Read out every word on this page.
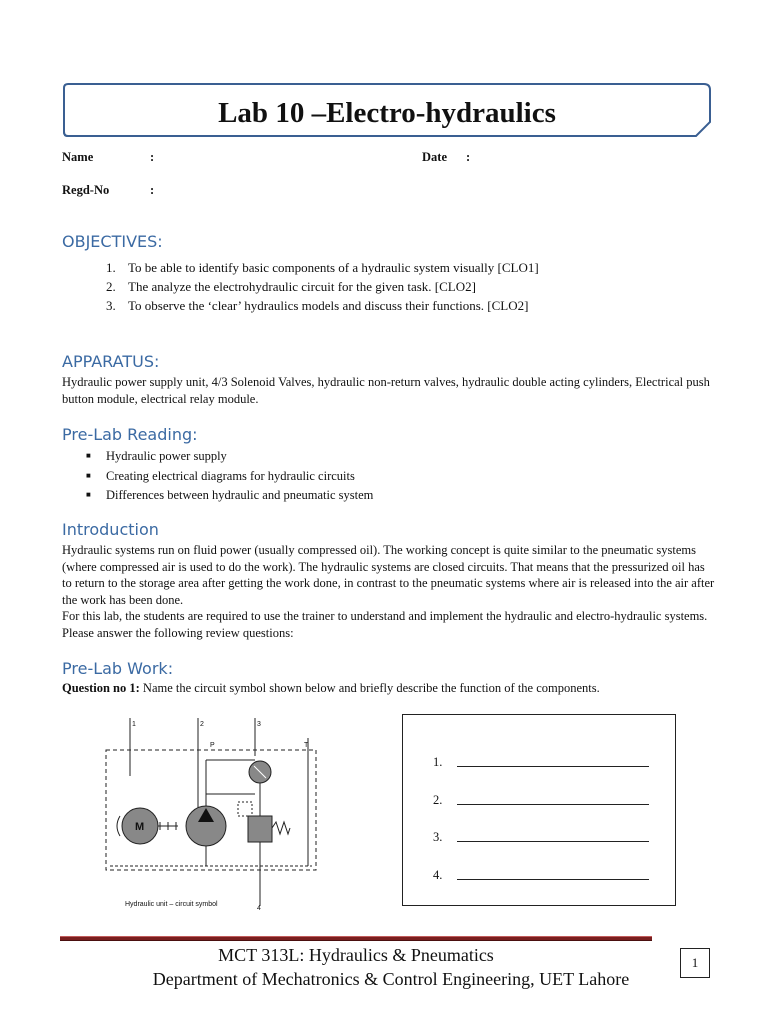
Lab 10 –Electro-hydraulics
Name	:	Date :
Regd-No	:
OBJECTIVES:
1. To be able to identify basic components of a hydraulic system visually [CLO1]
2. The analyze the electrohydraulic circuit for the given task. [CLO2]
3. To observe the ‘clear’ hydraulics models and discuss their functions. [CLO2]
APPARATUS:

Hydraulic power supply unit, 4/3 Solenoid Valves, hydraulic non-return valves, hydraulic double acting cylinders, Electrical push button module, electrical relay module.

Pre-Lab Reading:
■ Hydraulic power supply
■ Creating electrical diagrams for hydraulic circuits
■ Differences between hydraulic and pneumatic system
Introduction

Hydraulic systems run on fluid power (usually compressed oil). The working concept is quite similar to the pneumatic systems (where compressed air is used to do the work). The hydraulic systems are closed circuits. That means that the pressurized oil has to return to the storage area after getting the work done, in contrast to the pneumatic systems where air is released into the air after the work has been done.

For this lab, the students are required to use the trainer to understand and implement the hydraulic and electro-hydraulic systems. Please answer the following review questions:

Pre-Lab Work:
Question no 1: Name the circuit symbol shown below and briefly describe the function of the components.
1	2	3
P	T
4
Hydraulic unit – circuit symbol
M
1.
2.
3.
4.
MCT 313L: Hydraulics & Pneumatics
Department of Mechatronics & Control Engineering, UET Lahore
1
